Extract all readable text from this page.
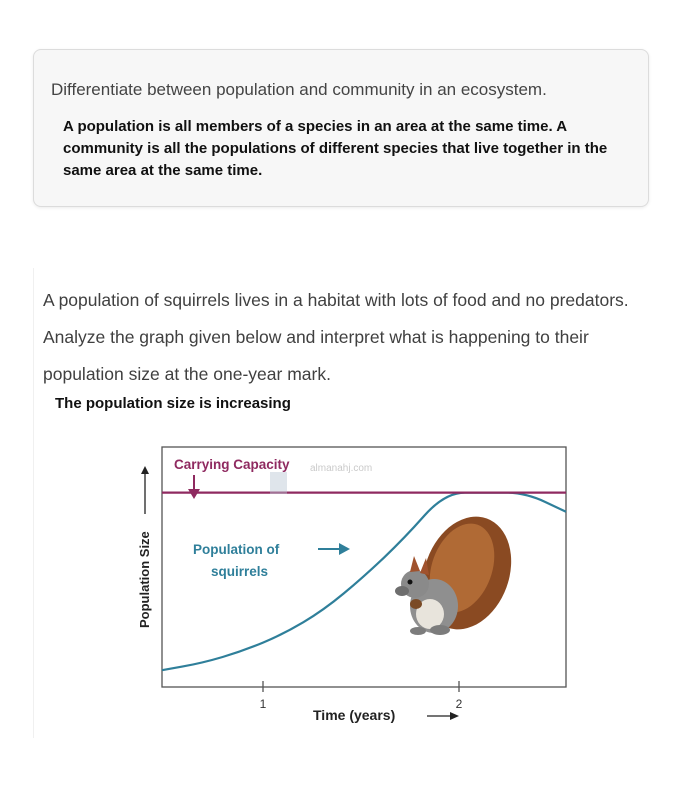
Differentiate between population and community in an ecosystem.

A population is all members of a species in an area at the same time. A community is all the populations of different species that live together in the same area at the same time.

A population of squirrels lives in a habitat with lots of food and no predators. Analyze the graph given below and interpret what is happening to their population size at the one-year mark.

The population size is increasing

Population Size
1	2
Time (years)
Carrying Capacity
Population of
squirrels
almanahj.com
